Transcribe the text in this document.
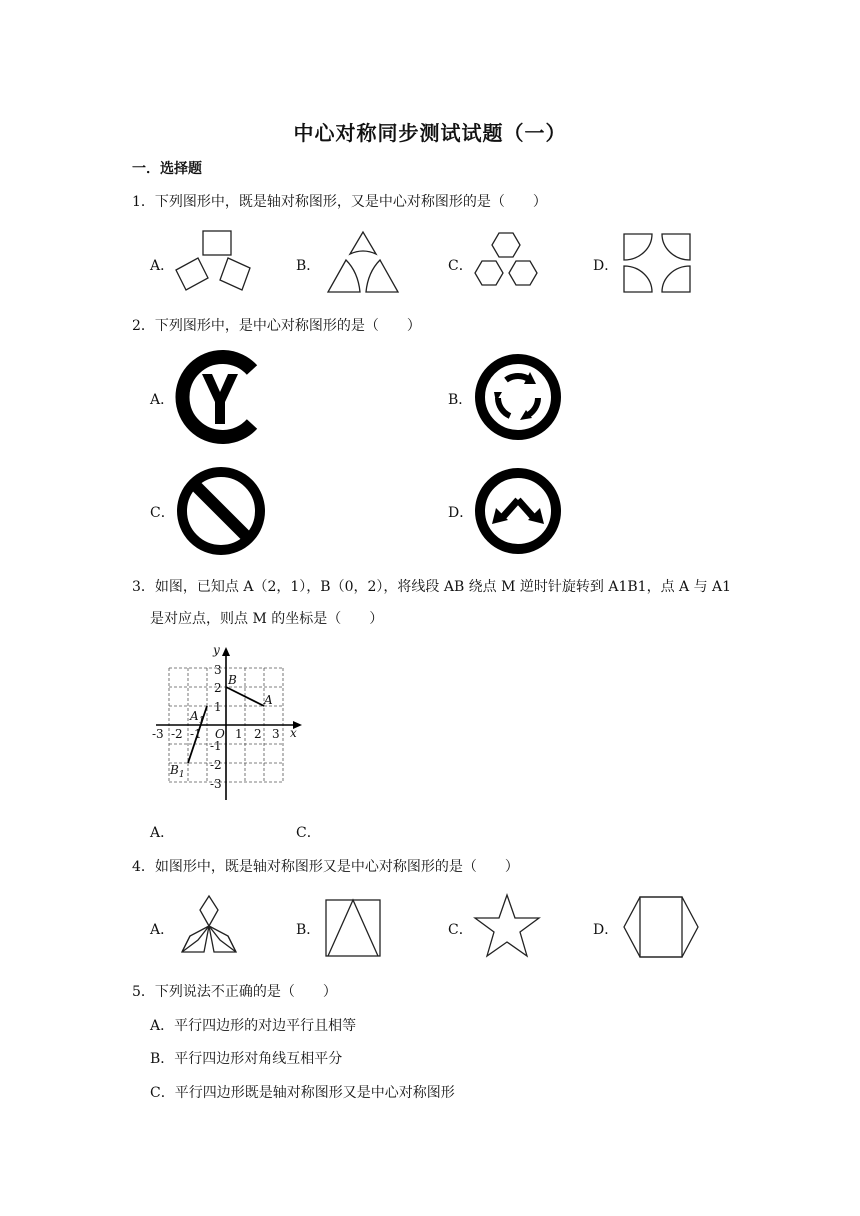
中心对称同步测试试题（一）
一．选择题
1．下列图形中，既是轴对称图形，又是中心对称图形的是（　　）
A．	B．	C．	D．
2．下列图形中，是中心对称图形的是（　　）
A．	B．
C．	D．
3．如图，已知点 A（2，1），B（0，2），将线段 AB 绕点 M 逆时针旋转到 A1B1，点 A 与 A1
是对应点，则点 M 的坐标是（　　）
y
x
O
-3 -2 -1	1 2 3
3
2
1
-1
-2
-3
B
A
$A_1$
$B_1$
A．	C．
4．如图形中，既是轴对称图形又是中心对称图形的是（　　）
A．	B．	C．	D．
5．下列说法不正确的是（　　）
A．平行四边形的对边平行且相等
B．平行四边形对角线互相平分
C．平行四边形既是轴对称图形又是中心对称图形
